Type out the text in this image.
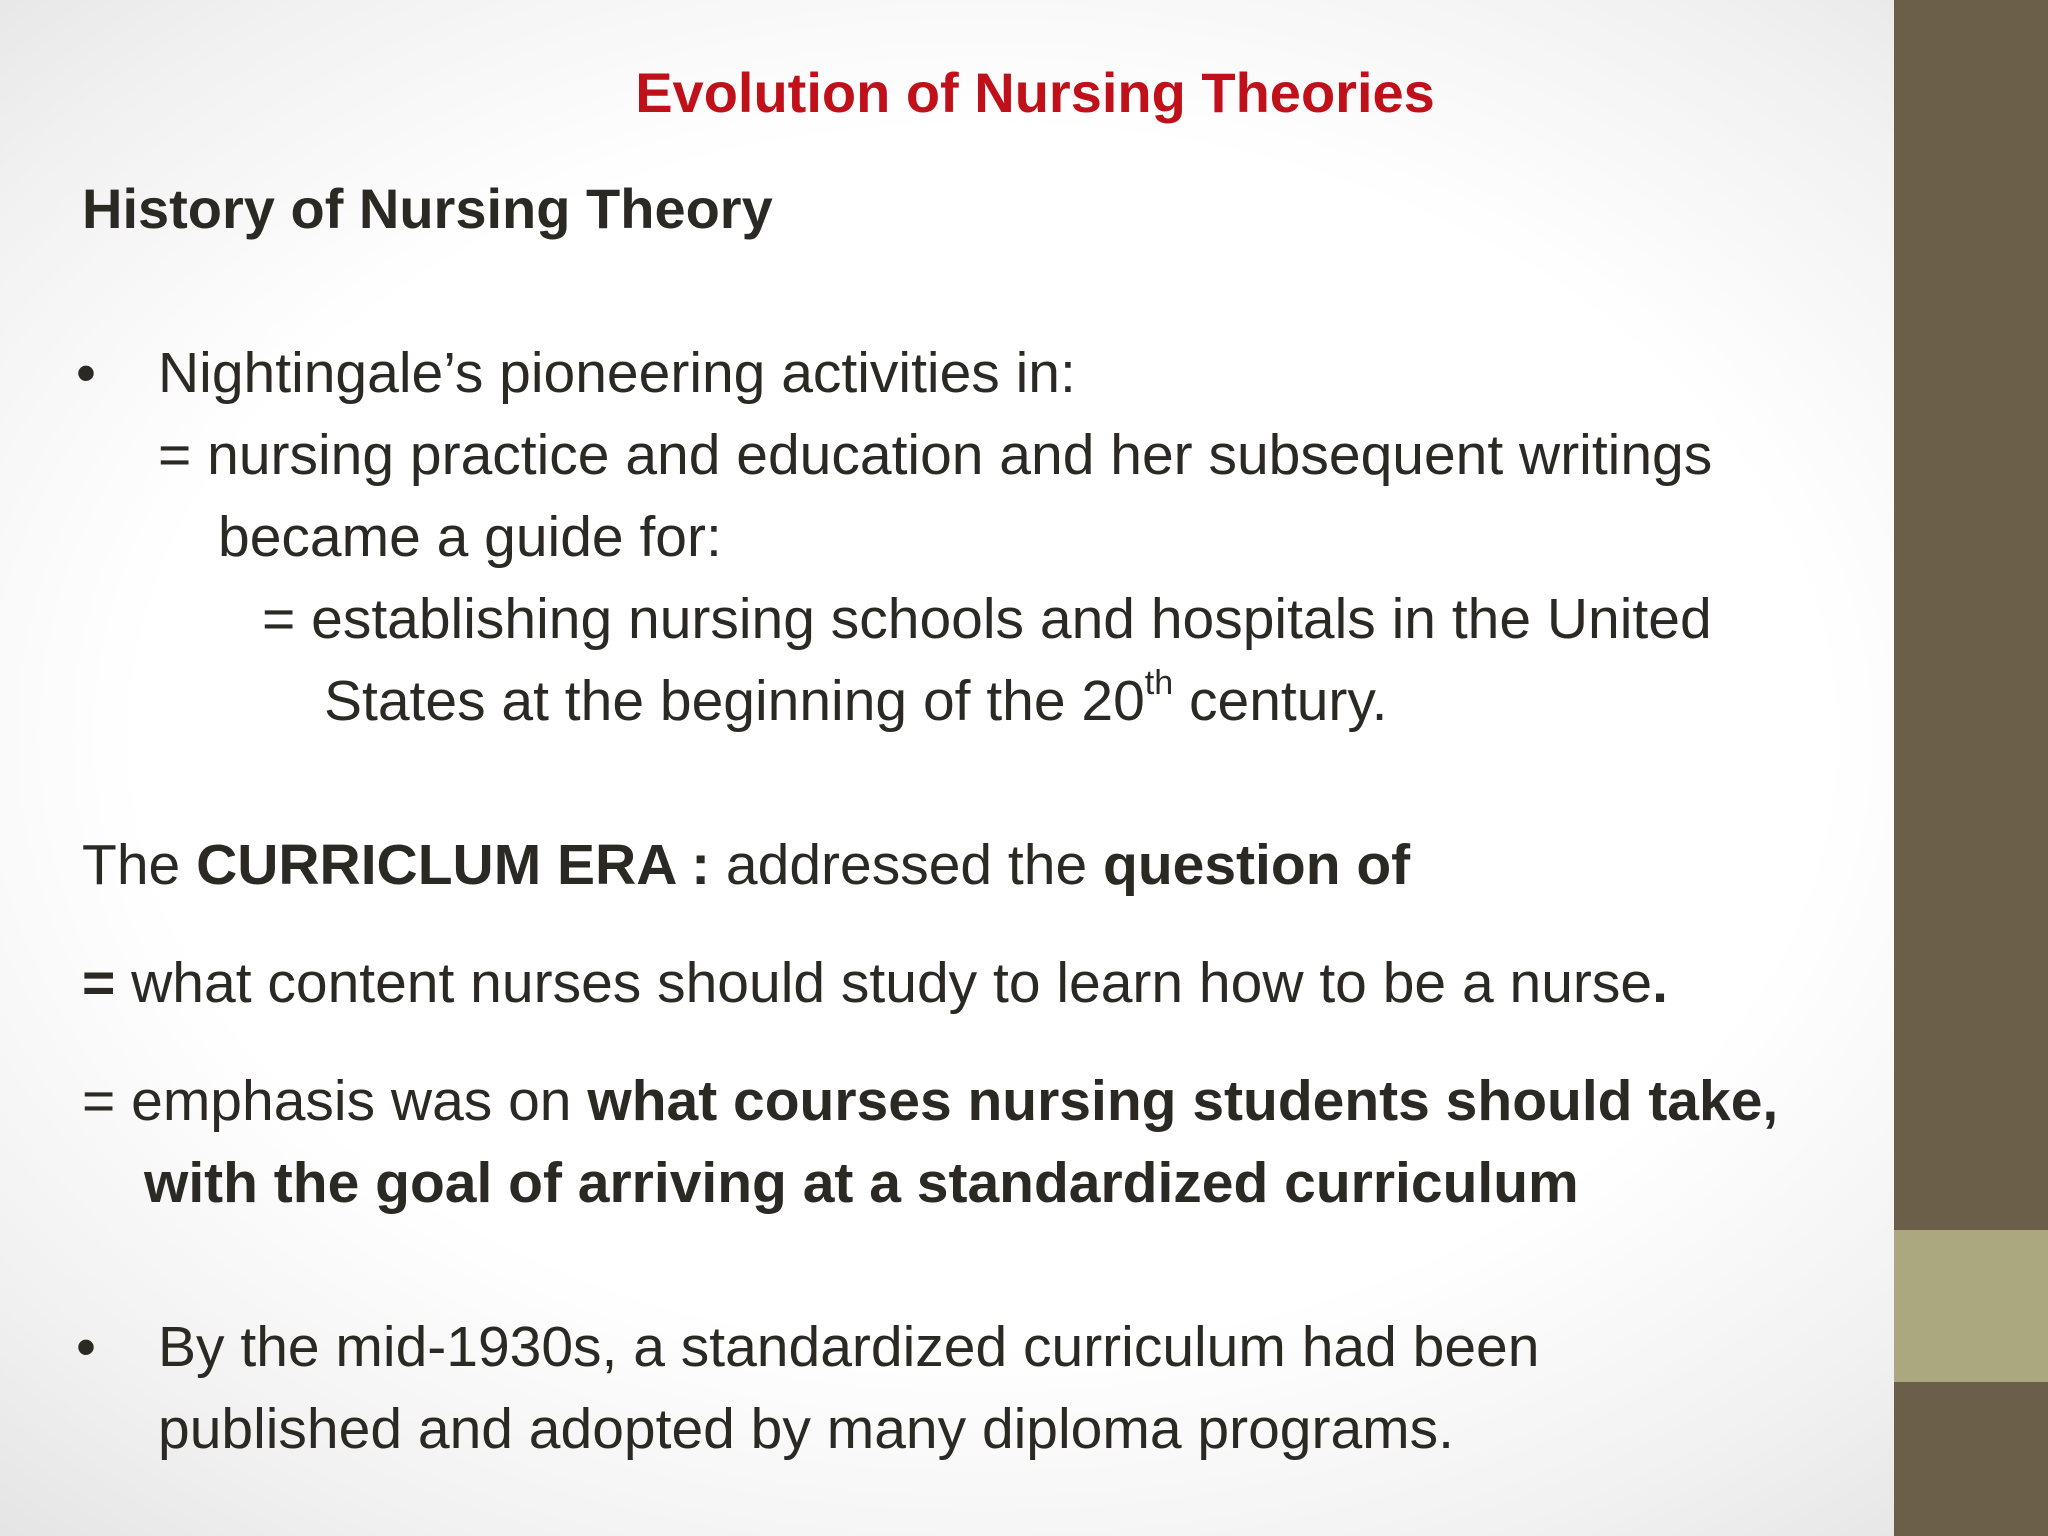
Evolution of Nursing Theories
History of Nursing Theory
• Nightingale’s pioneering activities in:
= nursing practice and education and her subsequent writings
became a guide for:
= establishing nursing schools and hospitals in the United
States at the beginning of the 20th century.
The CURRICLUM ERA : addressed the question of
= what content nurses should study to learn how to be a nurse.
= emphasis was on what courses nursing students should take,
with the goal of arriving at a standardized curriculum
• By the mid-1930s, a standardized curriculum had been
published and adopted by many diploma programs.
